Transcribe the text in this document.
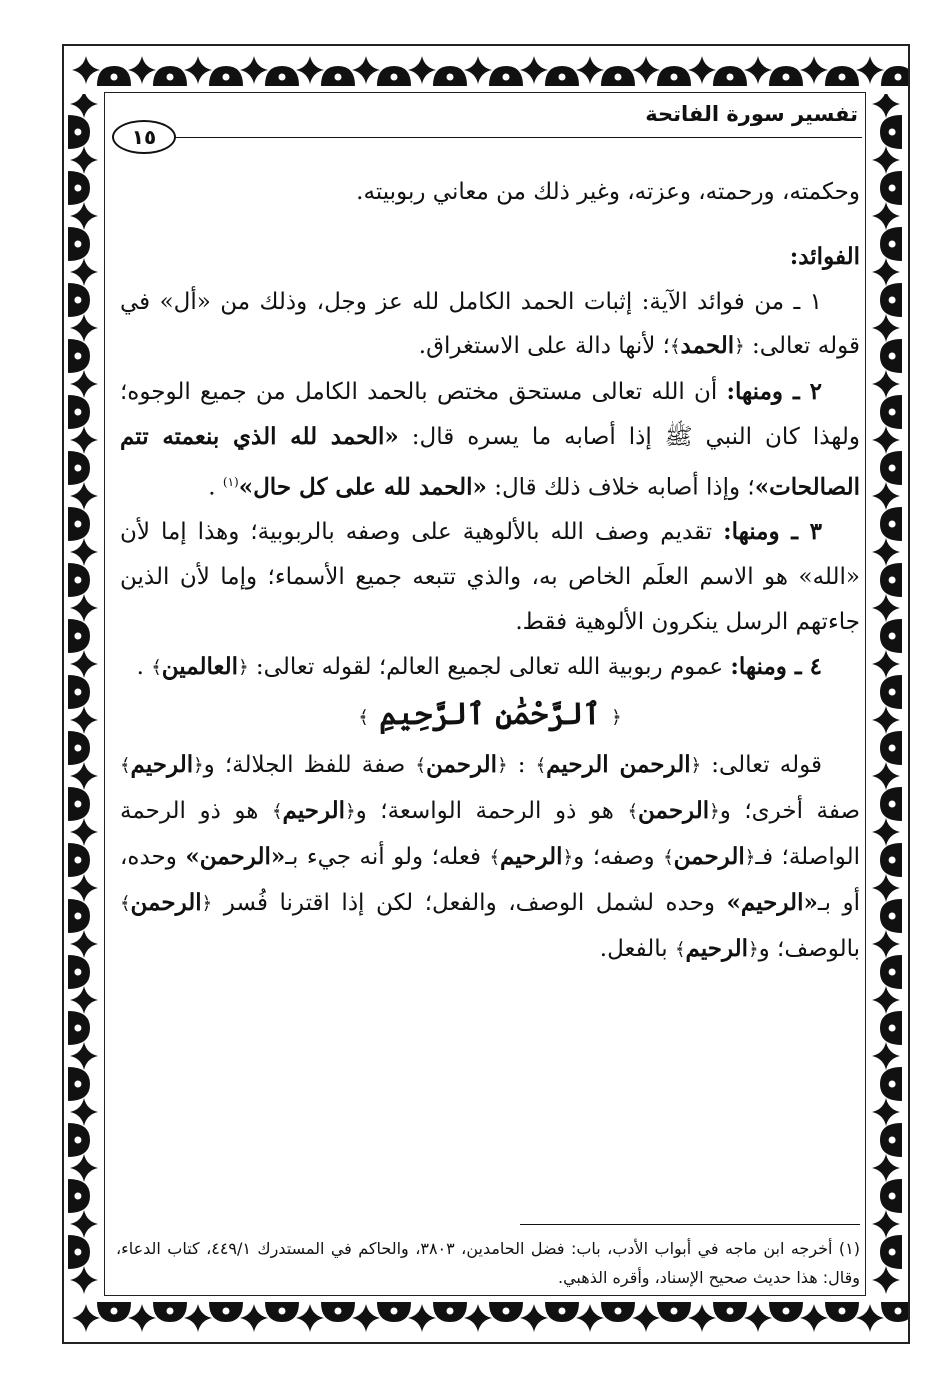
تفسير سورة الفاتحة
١٥

وحكمته، ورحمته، وعزته، وغير ذلك من معاني ربوبيته.

الفوائد:

١ ـ من فوائد الآية: إثبات الحمد الكامل لله عز وجل، وذلك من «أل» في قوله تعالى: ﴿الحمد﴾؛ لأنها دالة على الاستغراق.

٢ ـ ومنها: أن الله تعالى مستحق مختص بالحمد الكامل من جميع الوجوه؛ ولهذا كان النبي ﷺ إذا أصابه ما يسره قال: «الحمد لله الذي بنعمته تتم الصالحات»؛ وإذا أصابه خلاف ذلك قال: «الحمد لله على كل حال»$^{(١)}$ .

٣ ـ ومنها: تقديم وصف الله بالألوهية على وصفه بالربوبية؛ وهذا إما لأن «الله» هو الاسم العلَم الخاص به، والذي تتبعه جميع الأسماء؛ وإما لأن الذين جاءتهم الرسل ينكرون الألوهية فقط.

٤ ـ ومنها: عموم ربوبية الله تعالى لجميع العالم؛ لقوله تعالى: ﴿العالمين﴾ .

﴿ ٱلرَّحْمَٰنِ ٱلرَّحِيمِ ﴾

قوله تعالى: ﴿الرحمن الرحيم﴾ : ﴿الرحمن﴾ صفة للفظ الجلالة؛ و﴿الرحيم﴾ صفة أخرى؛ و﴿الرحمن﴾ هو ذو الرحمة الواسعة؛ و﴿الرحيم﴾ هو ذو الرحمة الواصلة؛ فـ﴿الرحمن﴾ وصفه؛ و﴿الرحيم﴾ فعله؛ ولو أنه جيء بـ«الرحمن» وحده، أو بـ«الرحيم» وحده لشمل الوصف، والفعل؛ لكن إذا اقترنا فُسر ﴿الرحمن﴾ بالوصف؛ و﴿الرحيم﴾ بالفعل.

(١) أخرجه ابن ماجه في أبواب الأدب، باب: فضل الحامدين، ٣٨٠٣، والحاكم في المستدرك ٤٤٩/١، كتاب الدعاء، وقال: هذا حديث صحيح الإسناد، وأقره الذهبي.
